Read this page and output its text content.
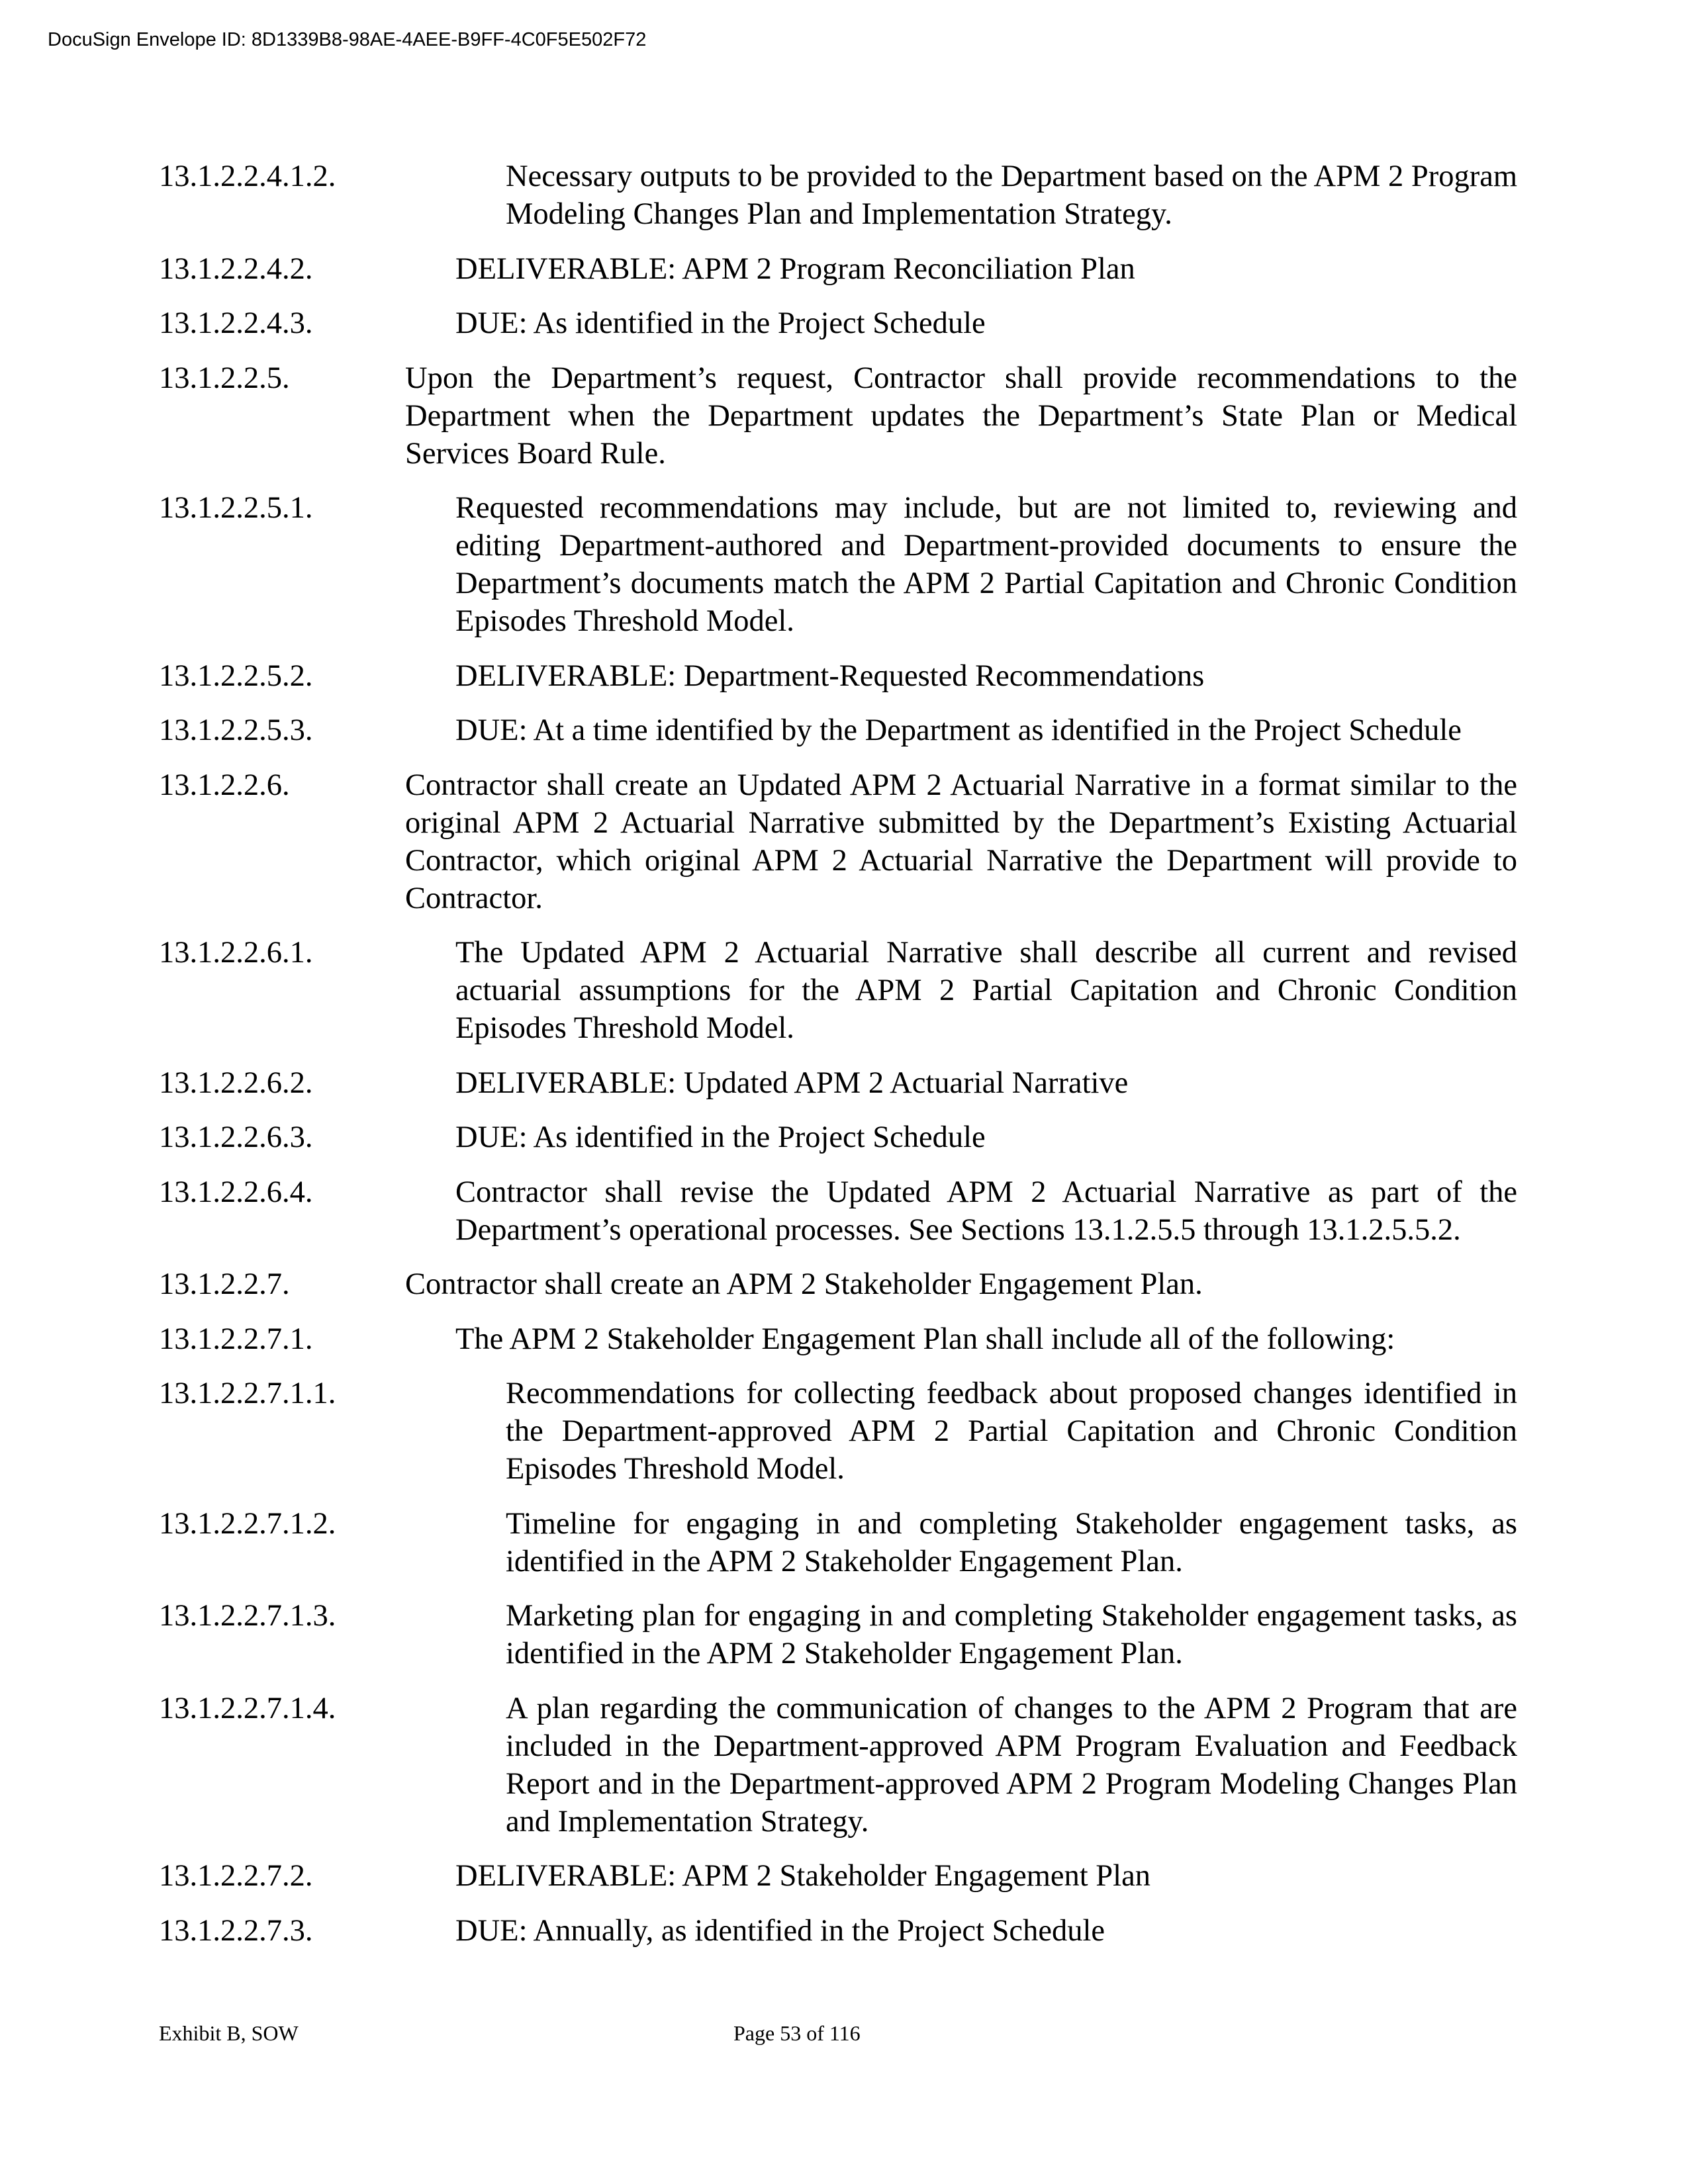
DocuSign Envelope ID: 8D1339B8-98AE-4AEE-B9FF-4C0F5E502F72
13.1.2.2.4.1.2.	Necessary outputs to be provided to the Department based on the APM 2 Program Modeling Changes Plan and Implementation Strategy.
13.1.2.2.4.2.	DELIVERABLE: APM 2 Program Reconciliation Plan
13.1.2.2.4.3.	DUE: As identified in the Project Schedule
13.1.2.2.5.	Upon the Department’s request, Contractor shall provide recommendations to the Department when the Department updates the Department’s State Plan or Medical Services Board Rule.
13.1.2.2.5.1.	Requested recommendations may include, but are not limited to, reviewing and editing Department-authored and Department-provided documents to ensure the Department’s documents match the APM 2 Partial Capitation and Chronic Condition Episodes Threshold Model.
13.1.2.2.5.2.	DELIVERABLE: Department-Requested Recommendations
13.1.2.2.5.3.	DUE: At a time identified by the Department as identified in the Project Schedule
13.1.2.2.6.	Contractor shall create an Updated APM 2 Actuarial Narrative in a format similar to the original APM 2 Actuarial Narrative submitted by the Department’s Existing Actuarial Contractor, which original APM 2 Actuarial Narrative the Department will provide to Contractor.
13.1.2.2.6.1.	The Updated APM 2 Actuarial Narrative shall describe all current and revised actuarial assumptions for the APM 2 Partial Capitation and Chronic Condition Episodes Threshold Model.
13.1.2.2.6.2.	DELIVERABLE: Updated APM 2 Actuarial Narrative
13.1.2.2.6.3.	DUE: As identified in the Project Schedule
13.1.2.2.6.4.	Contractor shall revise the Updated APM 2 Actuarial Narrative as part of the Department’s operational processes. See Sections 13.1.2.5.5 through 13.1.2.5.5.2.
13.1.2.2.7.	Contractor shall create an APM 2 Stakeholder Engagement Plan.
13.1.2.2.7.1.	The APM 2 Stakeholder Engagement Plan shall include all of the following:
13.1.2.2.7.1.1.	Recommendations for collecting feedback about proposed changes identified in the Department-approved APM 2 Partial Capitation and Chronic Condition Episodes Threshold Model.
13.1.2.2.7.1.2.	Timeline for engaging in and completing Stakeholder engagement tasks, as identified in the APM 2 Stakeholder Engagement Plan.
13.1.2.2.7.1.3.	Marketing plan for engaging in and completing Stakeholder engagement tasks, as identified in the APM 2 Stakeholder Engagement Plan.
13.1.2.2.7.1.4.	A plan regarding the communication of changes to the APM 2 Program that are included in the Department-approved APM Program Evaluation and Feedback Report and in the Department-approved APM 2 Program Modeling Changes Plan and Implementation Strategy.
13.1.2.2.7.2.	DELIVERABLE: APM 2 Stakeholder Engagement Plan
13.1.2.2.7.3.	DUE: Annually, as identified in the Project Schedule
Exhibit B, SOW	Page 53 of 116
